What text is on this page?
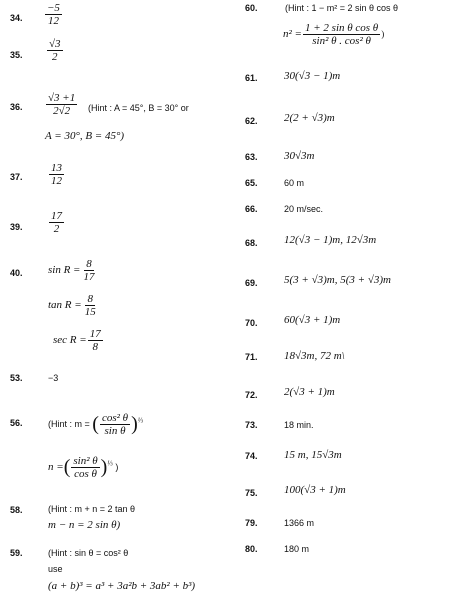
34. $\frac{-5}{12}$
35. $\frac{√3}{2}$
36. $\frac{√3 +1}{2√2}$ (Hint : A = 45°, B = 30° or
A = 30°, B = 45°)
37. $\frac{13}{12}$
39. $\frac{17}{2}$
40. $\sin R = \frac{8}{17}$
$\tan R = \frac{8}{15}$
$\sec R = \frac{17}{8}$
53.	−3
56.	(Hint : m = ( $\frac{\text{cos² θ}}{\text{sin θ}} )^{\frac{1}{3}}$
n =( $\frac{\text{sin² θ}}{\text{cos θ}} )^{\frac{1}{3}}$ )
58.	(Hint : m + n = 2 tan θ
m − n = 2 sin θ)
59.	(Hint : sin θ = cos² θ
use
(a + b)³ = a³ + 3a²b + 3ab² + b³)
60.	(Hint : 1 − m² = 2 sin θ cos θ
$n^2 = \frac{\text{1 + 2 sin θ cos θ}}{\text{sin² θ . cos² θ}}$ )
61. 30(√3 − 1)m
62. 2(2 + √3)m
63. 30√3m
65.	60 m
66.	20 m/sec.
68. 12(√3 − 1)m, 12√3m
69. 5(3 + √3)m, 5(3 + √3)m
70. 60(√3 + 1)m
71. 18√3m, 72 m\
72. 2(√3 + 1)m
73.	18 min.
74. 15 m, 15√3m
75. 100(√3 + 1)m
79.	1366 m
80.	180 m
